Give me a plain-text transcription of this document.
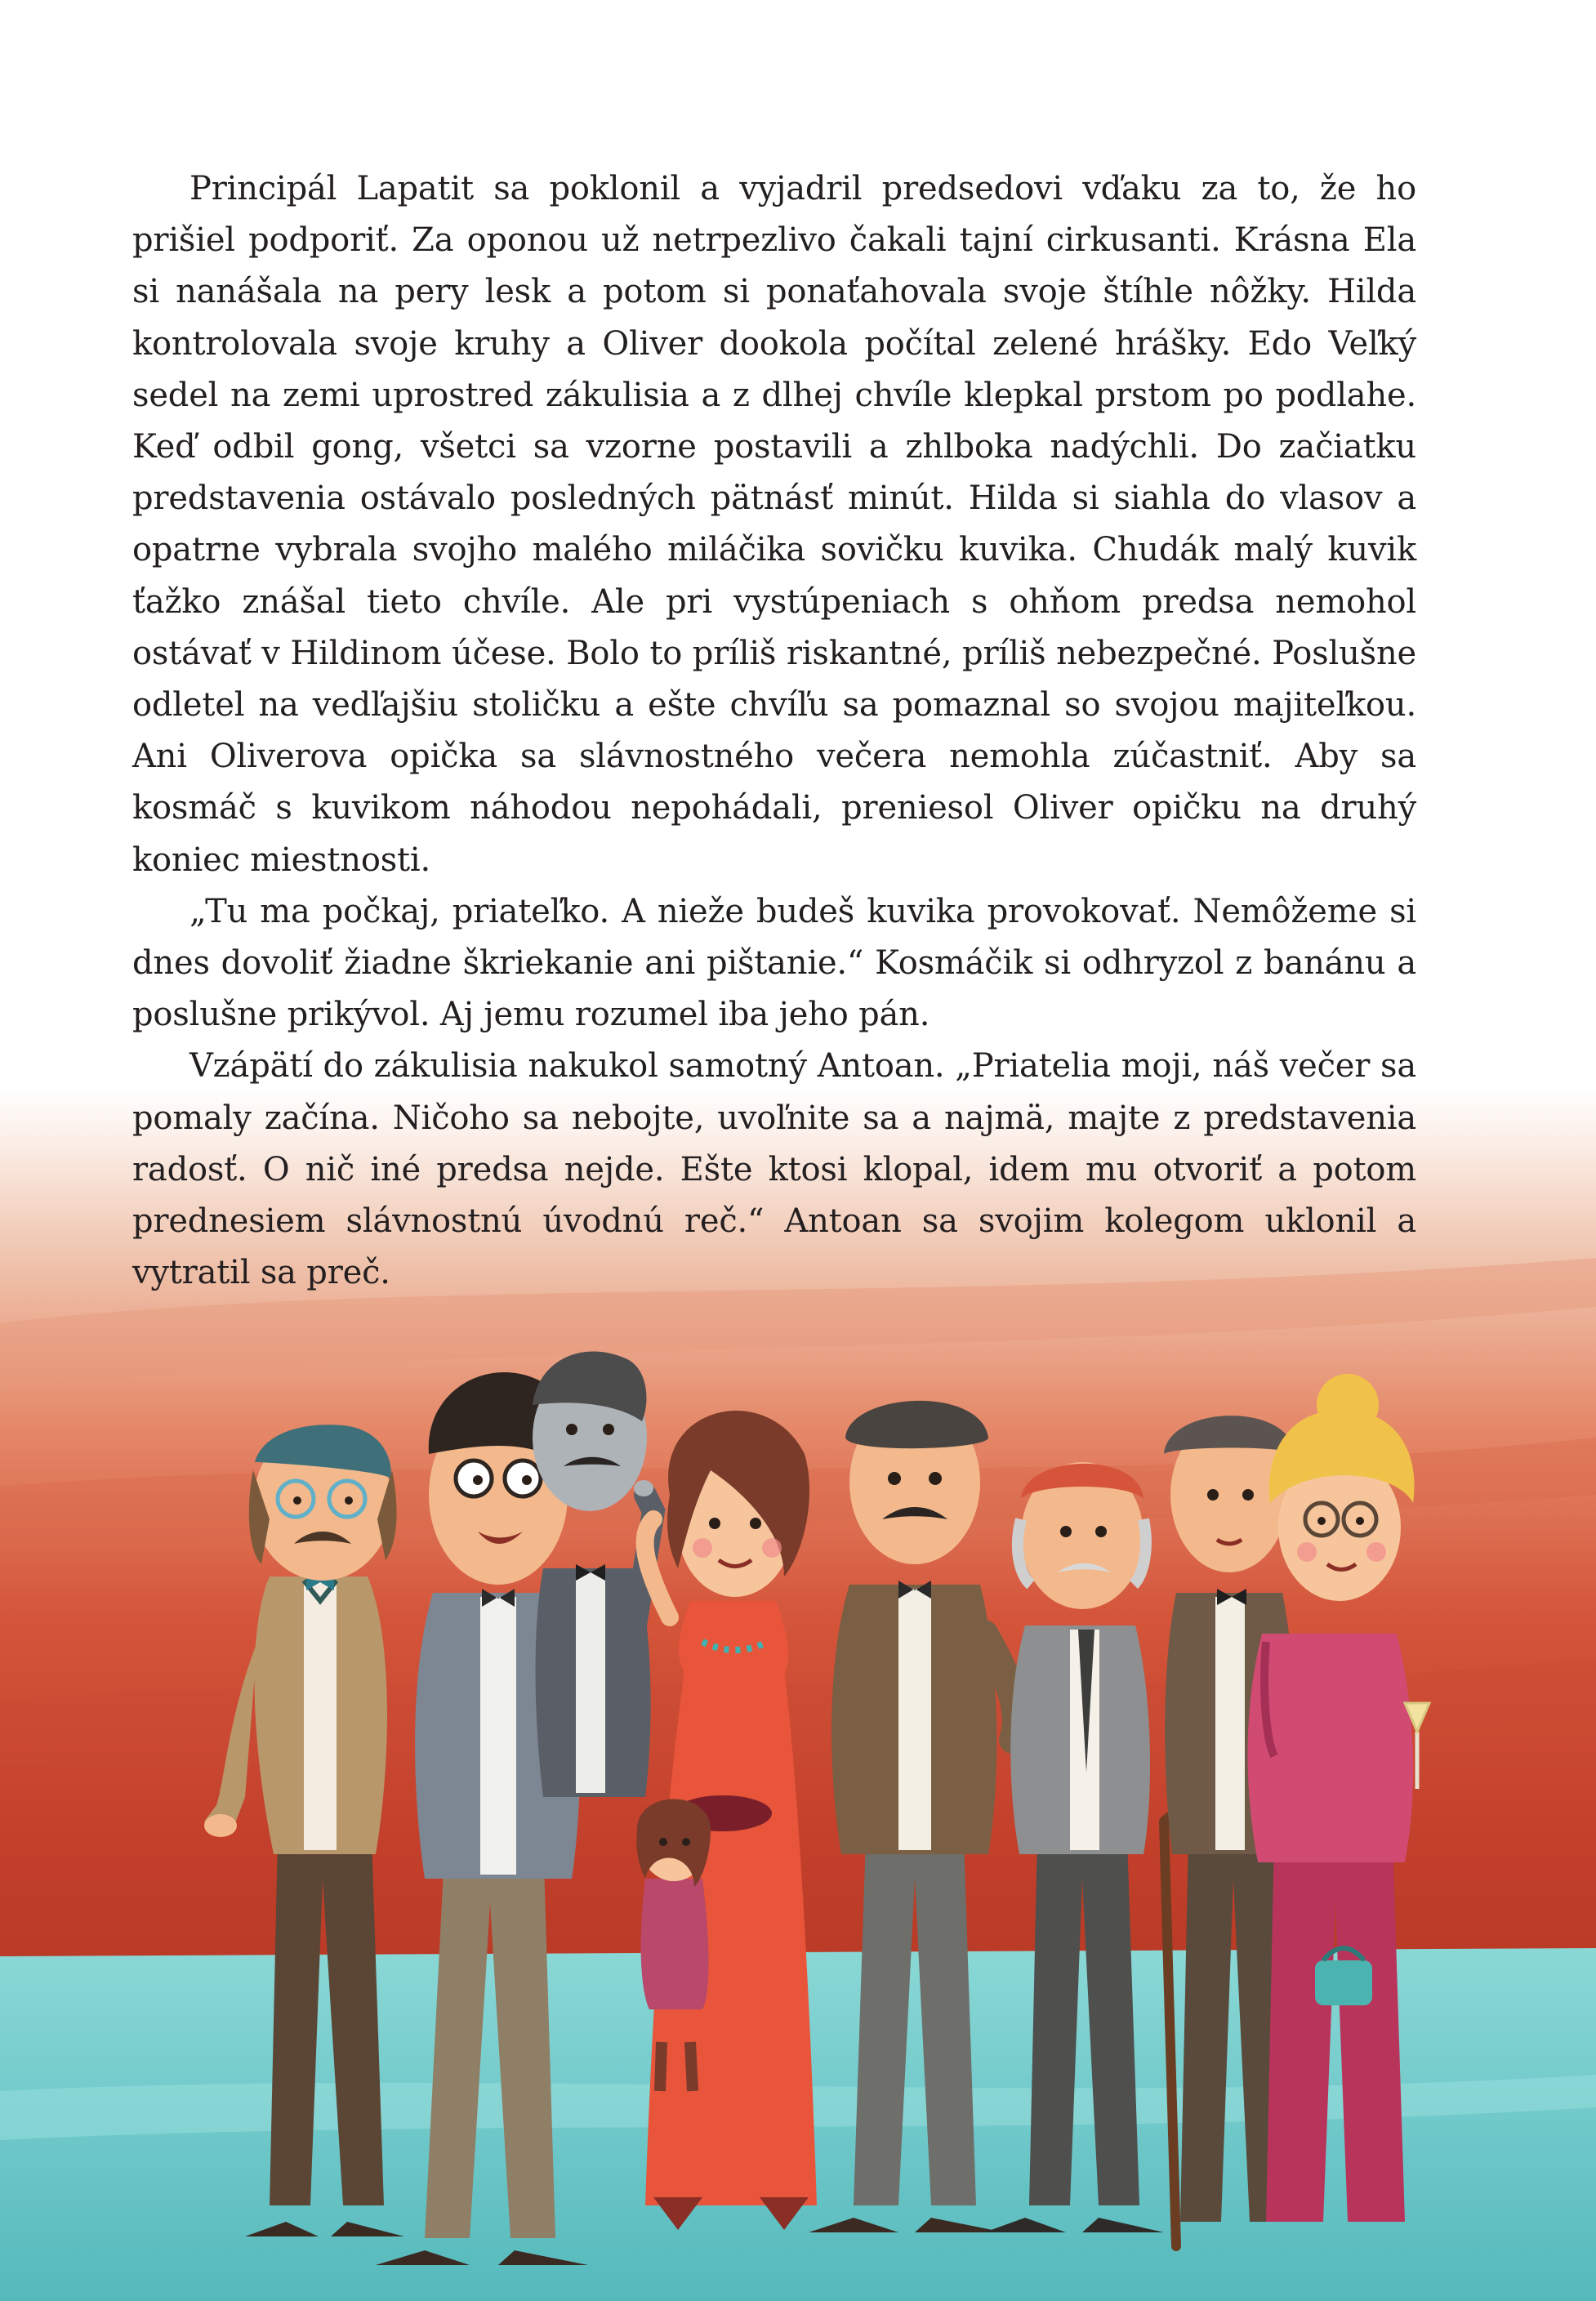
Principál Lapatit sa poklonil a vyjadril predsedovi vďaku za to, že ho prišiel podporiť. Za oponou už netrpezlivo čakali tajní cirkusanti. Krásna Ela si nanášala na pery lesk a potom si ponaťahovala svoje štíhle nôžky. Hilda kontrolovala svoje kruhy a Oliver dookola počítal zelené hrášky. Edo Veľký sedel na zemi uprostred zákulisia a z dlhej chvíle klepkal prstom po podlahe. Keď odbil gong, všetci sa vzorne postavili a zhlboka nadýchli. Do začiatku predstavenia ostávalo posledných pätnásť minút. Hilda si siahla do vlasov a opatrne vybrala svojho malého miláčika sovičku kuvika. Chudák malý kuvik ťažko znášal tieto chvíle. Ale pri vystúpeniach s ohňom predsa nemohol ostávať v Hildinom účese. Bolo to príliš riskantné, príliš nebezpečné. Poslušne odletel na vedľajšiu stoličku a ešte chvíľu sa pomaznal so svojou majiteľkou. Ani Oliverova opička sa slávnostného večera nemohla zúčastniť. Aby sa kosmáč s kuvikom náhodou nepohádali, preniesol Oliver opičku na druhý koniec miestnosti.

„Tu ma počkaj, priateľko. A nieže budeš kuvika provokovať. Nemôžeme si dnes dovoliť žiadne škriekanie ani pištanie.“ Kosmáčik si odhryzol z banánu a poslušne prikývol. Aj jemu rozumel iba jeho pán.

Vzápätí do zákulisia nakukol samotný Antoan. „Priatelia moji, náš večer sa pomaly začína. Ničoho sa nebojte, uvoľnite sa a najmä, majte z predstavenia radosť. O nič iné predsa nejde. Ešte ktosi klopal, idem mu otvoriť a potom prednesiem slávnostnú úvodnú reč.“ Antoan sa svojim kolegom uklonil a vytratil sa preč.
